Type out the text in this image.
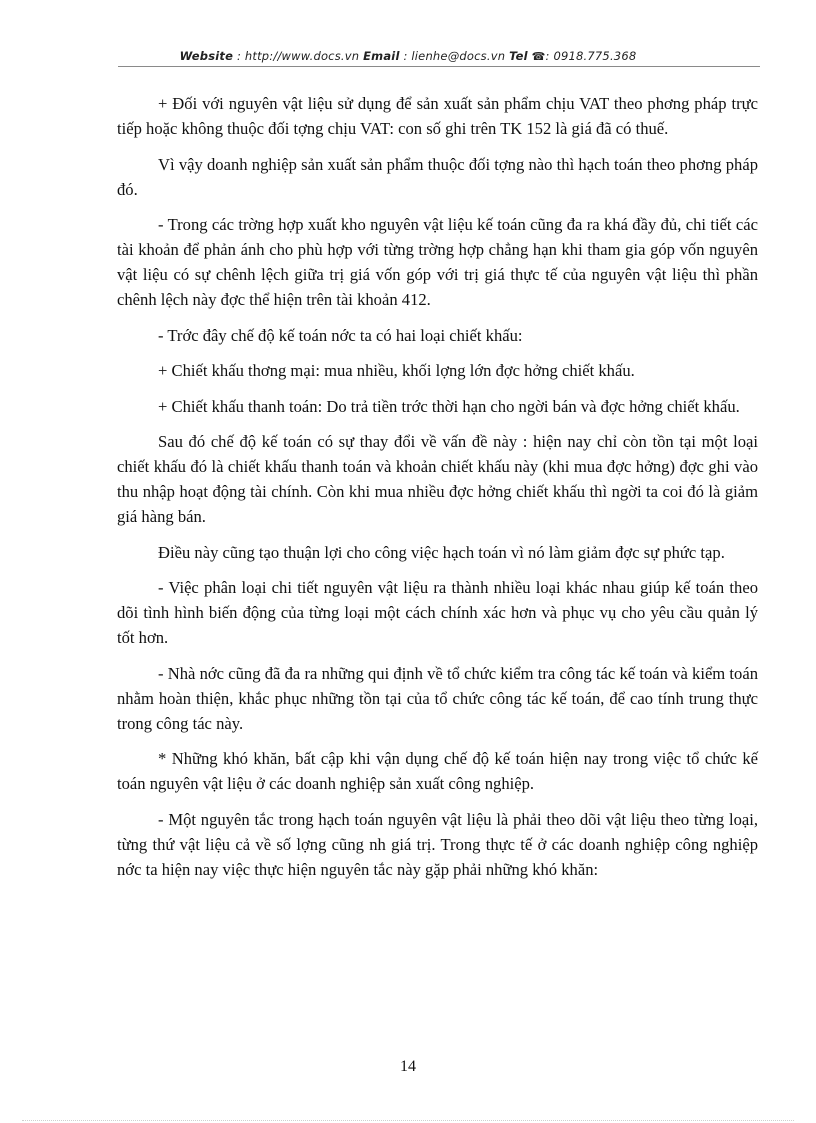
Website : http://www.docs.vn Email : lienhe@docs.vn Tel ☎: 0918.775.368

+ Đối với nguyên vật liệu sử dụng để sản xuất sản phẩm chịu VAT theo phơng pháp trực tiếp hoặc không thuộc đối tợng chịu VAT: con số ghi trên TK 152 là giá đã có thuế.

Vì vậy doanh nghiệp sản xuất sản phẩm thuộc đối tợng nào thì hạch toán theo phơng pháp đó.

- Trong các trờng hợp xuất kho nguyên vật liệu kế toán cũng đa ra khá đầy đủ, chi tiết các tài khoản để phản ánh cho phù hợp với từng trờng hợp chẳng hạn khi tham gia góp vốn nguyên vật liệu có sự chênh lệch giữa trị giá vốn góp với trị giá thực tế của nguyên vật liệu thì phần chênh lệch này đợc thể hiện trên tài khoản 412.

- Trớc đây chế độ kế toán nớc ta có hai loại chiết khấu:

+ Chiết khấu thơng mại: mua nhiều, khối lợng lớn đợc hởng chiết khấu.

+ Chiết khấu thanh toán: Do trả tiền trớc thời hạn cho ngời bán và đợc hởng chiết khấu.

Sau đó chế độ kế toán có sự thay đổi về vấn đề này : hiện nay chỉ còn tồn tại một loại chiết khấu đó là chiết khấu thanh toán và khoản chiết khấu này (khi mua đợc hởng) đợc ghi vào thu nhập hoạt động tài chính. Còn khi mua nhiều đợc hởng chiết khấu thì ngời ta coi đó là giảm giá hàng bán.

Điều này cũng tạo thuận lợi cho công việc hạch toán vì nó làm giảm đợc sự phức tạp.

- Việc phân loại chi tiết nguyên vật liệu ra thành nhiều loại khác nhau giúp kế toán theo dõi tình hình biến động của từng loại một cách chính xác hơn và phục vụ cho yêu cầu quản lý tốt hơn.

- Nhà nớc cũng đã đa ra những qui định về tổ chức kiểm tra công tác kế toán và kiểm toán nhằm hoàn thiện, khắc phục những tồn tại của tổ chức công tác kế toán, để cao tính trung thực trong công tác này.

* Những khó khăn, bất cập khi vận dụng chế độ kế toán hiện nay trong việc tổ chức kế toán nguyên vật liệu ở các doanh nghiệp sản xuất công nghiệp.

- Một nguyên tắc trong hạch toán nguyên vật liệu là phải theo dõi vật liệu theo từng loại, từng thứ vật liệu cả về số lợng cũng nh giá trị. Trong thực tế ở các doanh nghiệp công nghiệp nớc ta hiện nay việc thực hiện nguyên tắc này gặp phải những khó khăn:

14
